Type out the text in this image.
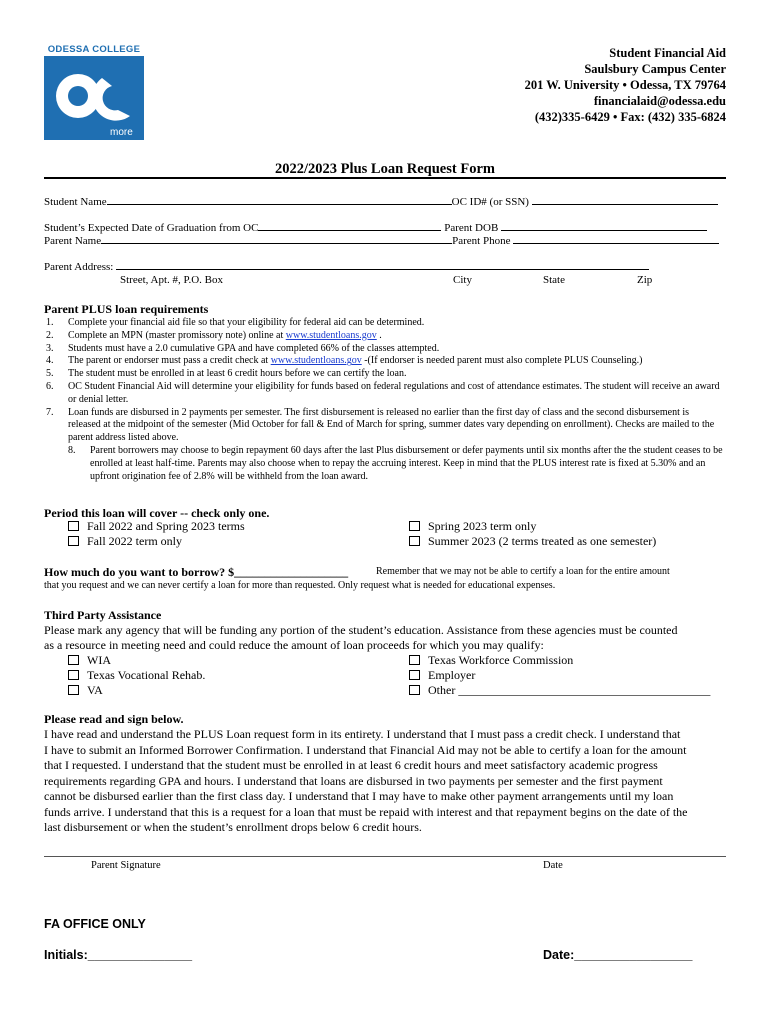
ODESSA COLLEGE
more
Student Financial Aid
Saulsbury Campus Center
201 W. University • Odessa, TX 79764
financialaid@odessa.edu
(432)335-6429 • Fax: (432) 335-6824
2022/2023 Plus Loan Request Form
Student Name	OC ID# (or SSN)
Student’s Expected Date of Graduation from OC	Parent DOB
Parent Name	Parent Phone
Parent Address:
Street, Apt. #, P.O. Box	City	State	Zip
Parent PLUS loan requirements
1. Complete your financial aid file so that your eligibility for federal aid can be determined.
2. Complete an MPN (master promissory note) online at www.studentloans.gov .
3. Students must have a 2.0 cumulative GPA and have completed 66% of the classes attempted.
4. The parent or endorser must pass a credit check at www.studentloans.gov -(If endorser is needed parent must also complete PLUS Counseling.)
5. The student must be enrolled in at least 6 credit hours before we can certify the loan.
6. OC Student Financial Aid will determine your eligibility for funds based on federal regulations and cost of attendance estimates. The student will receive an award or denial letter.
7. Loan funds are disbursed in 2 payments per semester. The first disbursement is released no earlier than the first day of class and the second disbursement is released at the midpoint of the semester (Mid October for fall & End of March for spring, summer dates vary depending on enrollment). Checks are mailed to the parent address listed above.
8. Parent borrowers may choose to begin repayment 60 days after the last Plus disbursement or defer payments until six months after the the student ceases to be enrolled at least half-time. Parents may also choose when to repay the accruing interest. Keep in mind that the PLUS interest rate is fixed at 5.30% and an upfront origination fee of 2.8% will be withheld from the loan award.
Period this loan will cover -- check only one.
Fall 2022 and Spring 2023 terms
Fall 2022 term only
Spring 2023 term only
Summer 2023 (2 terms treated as one semester)
How much do you want to borrow? $___________________	Remember that we may not be able to certify a loan for the entire amount
that you request and we can never certify a loan for more than requested. Only request what is needed for educational expenses.
Third Party Assistance
Please mark any agency that will be funding any portion of the student’s education. Assistance from these agencies must be counted
as a resource in meeting need and could reduce the amount of loan proceeds for which you may qualify:
WIA
Texas Vocational Rehab.
VA
Texas Workforce Commission
Employer
Other __________________________________________
Please read and sign below.
I have read and understand the PLUS Loan request form in its entirety. I understand that I must pass a credit check. I understand that
I have to submit an Informed Borrower Confirmation. I understand that Financial Aid may not be able to certify a loan for the amount
that I requested. I understand that the student must be enrolled in at least 6 credit hours and meet satisfactory academic progress
requirements regarding GPA and hours. I understand that loans are disbursed in two payments per semester and the first payment
cannot be disbursed earlier than the first class day. I understand that I may have to make other payment arrangements until my loan
funds arrive. I understand that this is a request for a loan that must be repaid with interest and that repayment begins on the date of the
last disbursement or when the student’s enrollment drops below 6 credit hours.
Parent Signature	Date
FA OFFICE ONLY
Initials:_______________	Date:_________________
